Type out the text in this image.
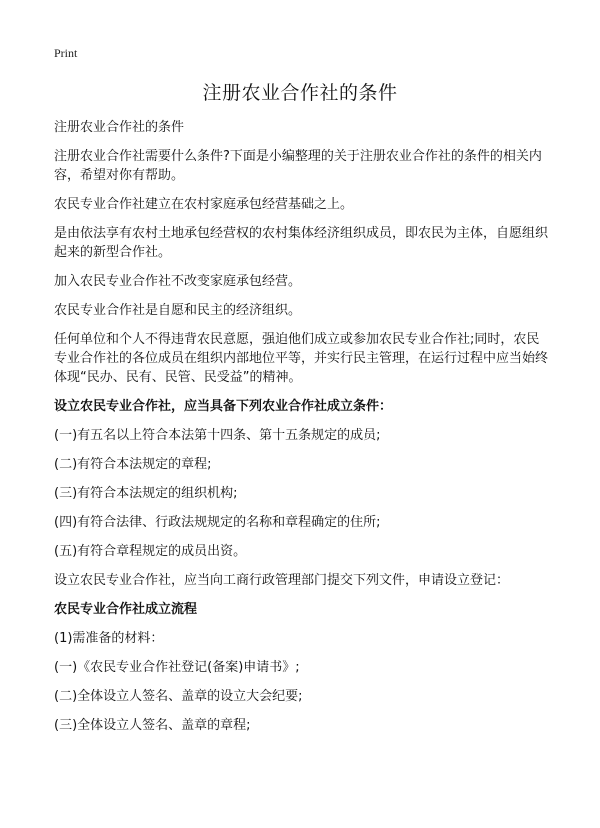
Print
注册农业合作社的条件

注册农业合作社的条件

注册农业合作社需要什么条件?下面是小编整理的关于注册农业合作社的条件的相关内容，希望对你有帮助。

农民专业合作社建立在农村家庭承包经营基础之上。

是由依法享有农村土地承包经营权的农村集体经济组织成员，即农民为主体，自愿组织起来的新型合作社。

加入农民专业合作社不改变家庭承包经营。

农民专业合作社是自愿和民主的经济组织。

任何单位和个人不得违背农民意愿，强迫他们成立或参加农民专业合作社;同时，农民专业合作社的各位成员在组织内部地位平等，并实行民主管理，在运行过程中应当始终体现“民办、民有、民管、民受益”的精神。

设立农民专业合作社，应当具备下列农业合作社成立条件：

(一)有五名以上符合本法第十四条、第十五条规定的成员;

(二)有符合本法规定的章程;

(三)有符合本法规定的组织机构;

(四)有符合法律、行政法规规定的名称和章程确定的住所;

(五)有符合章程规定的成员出资。

设立农民专业合作社，应当向工商行政管理部门提交下列文件，申请设立登记：

农民专业合作社成立流程

(1)需准备的材料：

(一)《农民专业合作社登记(备案)申请书》;

(二)全体设立人签名、盖章的设立大会纪要;

(三)全体设立人签名、盖章的章程;
